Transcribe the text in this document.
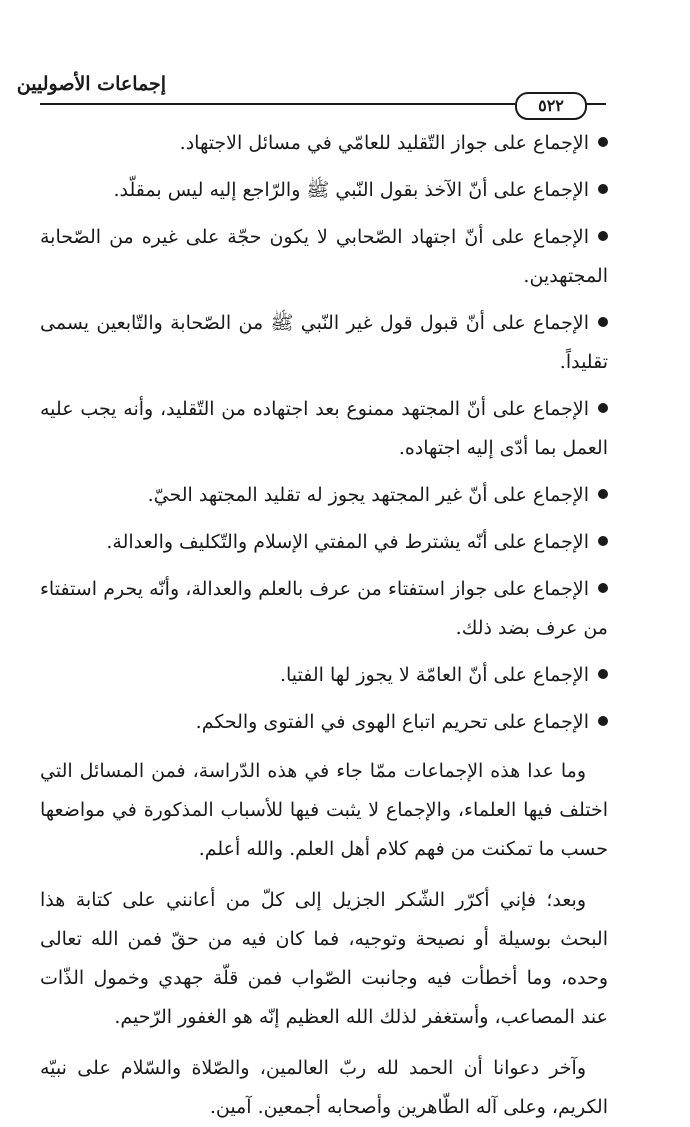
إجماعات الأصوليين
٥٢٢
الإجماع على جواز التّقليد للعامّي في مسائل الاجتهاد.
الإجماع على أنّ الآخذ بقول النّبي ﷺ والرّاجع إليه ليس بمقلّد.
الإجماع على أنّ اجتهاد الصّحابي لا يكون حجّة على غيره من الصّحابة المجتهدين.
الإجماع على أنّ قبول قول غير النّبي ﷺ من الصّحابة والتّابعين يسمى تقليداً.
الإجماع على أنّ المجتهد ممنوع بعد اجتهاده من التّقليد، وأنه يجب عليه العمل بما أدّى إليه اجتهاده.
الإجماع على أنّ غير المجتهد يجوز له تقليد المجتهد الحيّ.
الإجماع على أنّه يشترط في المفتي الإسلام والتّكليف والعدالة.
الإجماع على جواز استفتاء من عرف بالعلم والعدالة، وأنّه يحرم استفتاء من عرف بضد ذلك.
الإجماع على أنّ العامّة لا يجوز لها الفتيا.
الإجماع على تحريم اتباع الهوى في الفتوى والحكم.

وما عدا هذه الإجماعات ممّا جاء في هذه الدّراسة، فمن المسائل التي اختلف فيها العلماء، والإجماع لا يثبت فيها للأسباب المذكورة في مواضعها حسب ما تمكنت من فهم كلام أهل العلم. والله أعلم.

وبعد؛ فإني أكرّر الشّكر الجزيل إلى كلّ من أعانني على كتابة هذا البحث بوسيلة أو نصيحة وتوجيه، فما كان فيه من حقّ فمن الله تعالى وحده، وما أخطأت فيه وجانبت الصّواب فمن قلّة جهدي وخمول الذّات عند المصاعب، وأستغفر لذلك الله العظيم إنّه هو الغفور الرّحيم.

وآخر دعوانا أن الحمد لله ربّ العالمين، والصّلاة والسّلام على نبيّه الكريم، وعلى آله الطّاهرين وأصحابه أجمعين. آمين.
